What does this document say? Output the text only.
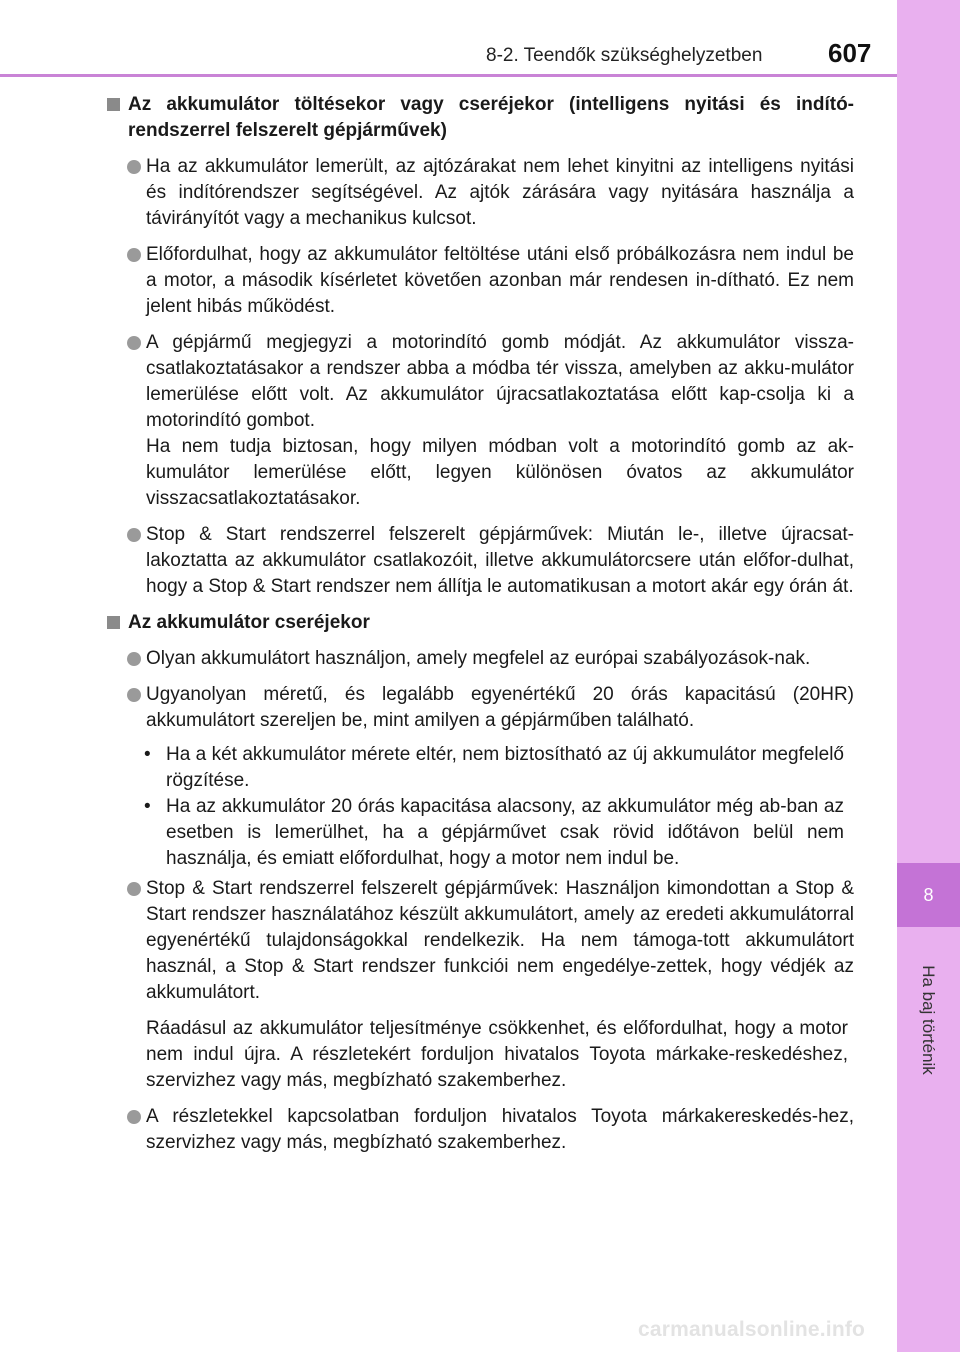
8
Ha baj történik
8-2. Teendők szükséghelyzetben	607
Az akkumulátor töltésekor vagy cseréjekor (intelligens nyitási és indító-rendszerrel felszerelt gépjárművek)
Ha az akkumulátor lemerült, az ajtózárakat nem lehet kinyitni az intelligens nyitási és indítórendszer segítségével. Az ajtók zárására vagy nyitására használja a távirányítót vagy a mechanikus kulcsot.
Előfordulhat, hogy az akkumulátor feltöltése utáni első próbálkozásra nem indul be a motor, a második kísérletet követően azonban már rendesen in-dítható. Ez nem jelent hibás működést.

A gépjármű megjegyzi a motorindító gomb módját. Az akkumulátor vissza-csatlakoztatásakor a rendszer abba a módba tér vissza, amelyben az akku-mulátor lemerülése előtt volt. Az akkumulátor újracsatlakoztatása előtt kap-csolja ki a motorindító gombot.

Ha nem tudja biztosan, hogy milyen módban volt a motorindító gomb az ak-kumulátor lemerülése előtt, legyen különösen óvatos az akkumulátor visszacsatlakoztatásakor.

Stop & Start rendszerrel felszerelt gépjárművek: Miután le-, illetve újracsat-lakoztatta az akkumulátor csatlakozóit, illetve akkumulátorcsere után előfor-dulhat, hogy a Stop & Start rendszer nem állítja le automatikusan a motort akár egy órán át.
Az akkumulátor cseréjekor
Olyan akkumulátort használjon, amely megfelel az európai szabályozások-nak.
Ugyanolyan méretű, és legalább egyenértékű 20 órás kapacitású (20HR) akkumulátort szereljen be, mint amilyen a gépjárműben található.
• Ha a két akkumulátor mérete eltér, nem biztosítható az új akkumulátor megfelelő rögzítése.
• Ha az akkumulátor 20 órás kapacitása alacsony, az akkumulátor még ab-ban az esetben is lemerülhet, ha a gépjárművet csak rövid időtávon belül nem használja, és emiatt előfordulhat, hogy a motor nem indul be.
Stop & Start rendszerrel felszerelt gépjárművek: Használjon kimondottan a Stop & Start rendszer használatához készült akkumulátort, amely az eredeti akkumulátorral egyenértékű tulajdonságokkal rendelkezik. Ha nem támoga-tott akkumulátort használ, a Stop & Start rendszer funkciói nem engedélye-zettek, hogy védjék az akkumulátort.
Ráadásul az akkumulátor teljesítménye csökkenhet, és előfordulhat, hogy a motor nem indul újra. A részletekért forduljon hivatalos Toyota márkake-reskedéshez, szervizhez vagy más, megbízható szakemberhez.
A részletekkel kapcsolatban forduljon hivatalos Toyota márkakereskedés-hez, szervizhez vagy más, megbízható szakemberhez.
carmanualsonline.info
